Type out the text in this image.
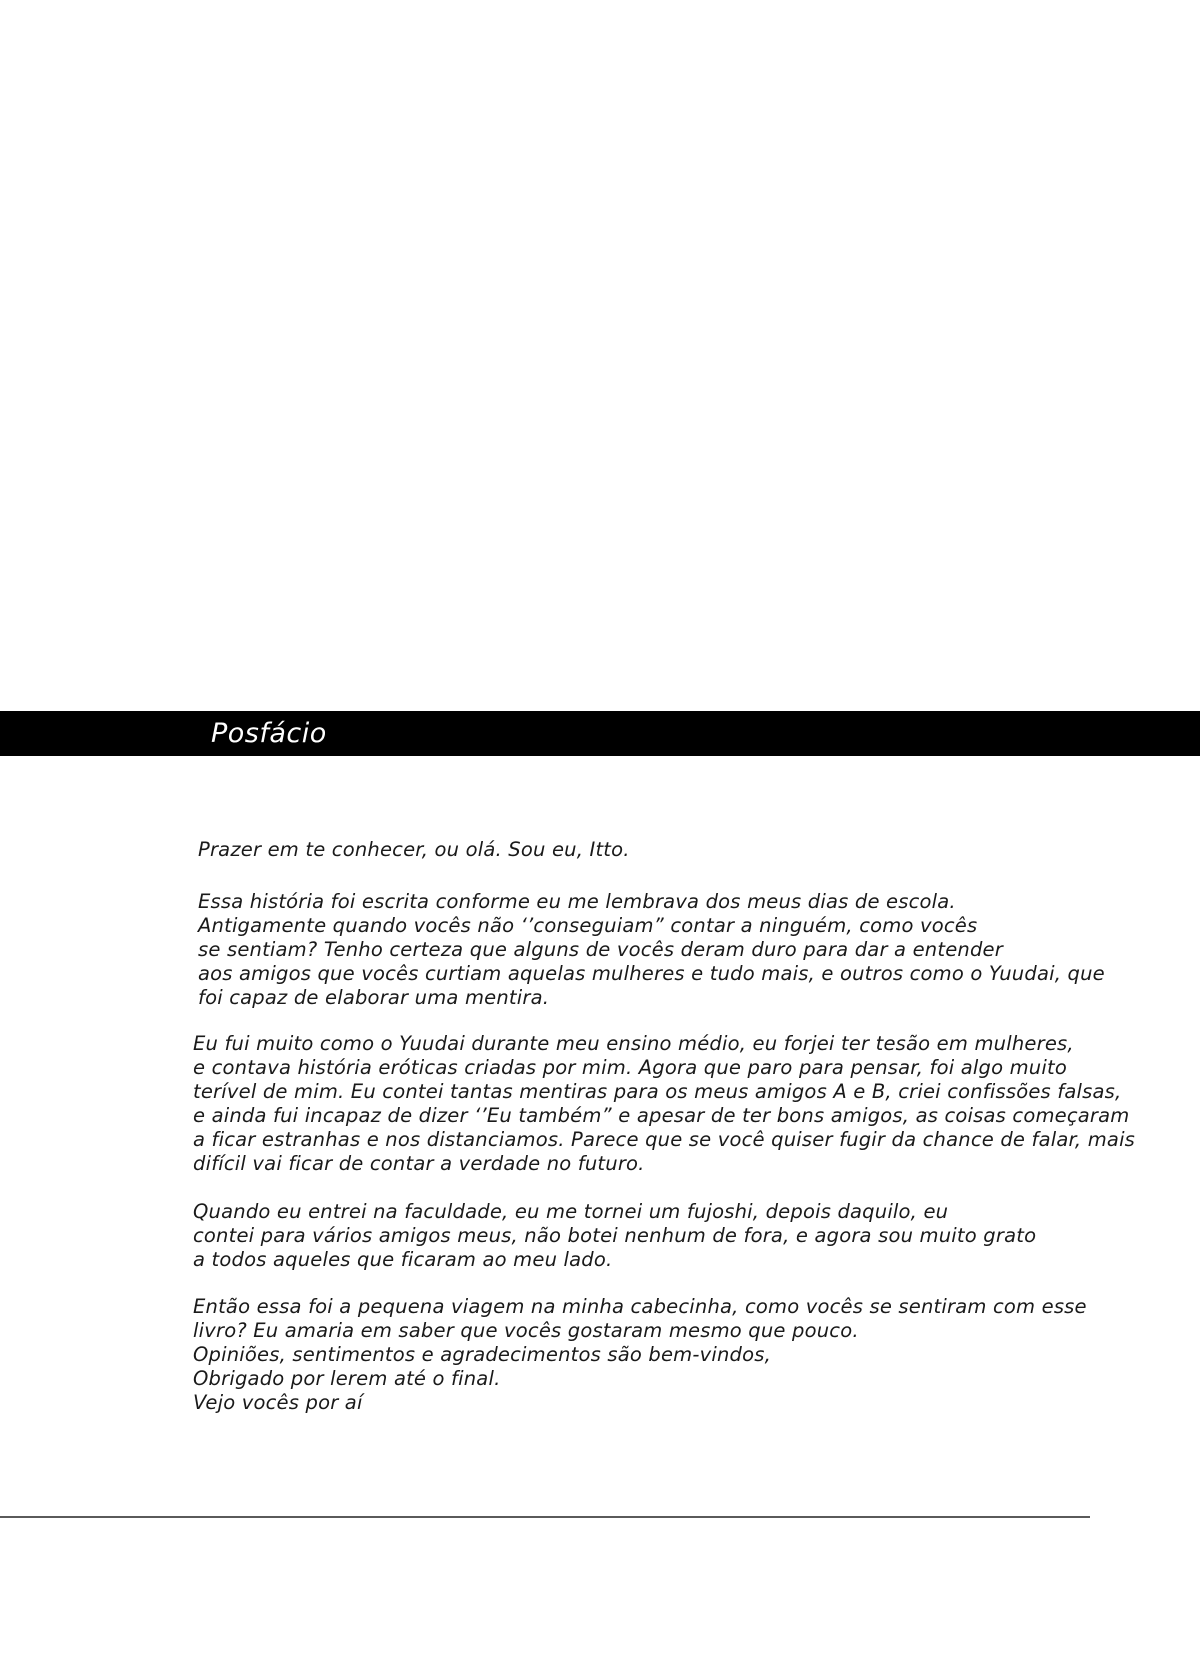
Posfácio
Prazer em te conhecer, ou olá. Sou eu, Itto.
Essa história foi escrita conforme eu me lembrava dos meus dias de escola.
Antigamente quando vocês não ‘’conseguiam” contar a ninguém, como vocês
se sentiam? Tenho certeza que alguns de vocês deram duro para dar a entender
aos amigos que vocês curtiam aquelas mulheres e tudo mais, e outros como o Yuudai, que
foi capaz de elaborar uma mentira.
Eu fui muito como o Yuudai durante meu ensino médio, eu forjei ter tesão em mulheres,
e contava história eróticas criadas por mim. Agora que paro para pensar, foi algo muito
terível de mim. Eu contei tantas mentiras para os meus amigos A e B, criei confissões falsas,
e ainda fui incapaz de dizer ‘’Eu também” e apesar de ter bons amigos, as coisas começaram
a ficar estranhas e nos distanciamos. Parece que se você quiser fugir da chance de falar, mais
difícil vai ficar de contar a verdade no futuro.
Quando eu entrei na faculdade, eu me tornei um fujoshi, depois daquilo, eu
contei para vários amigos meus, não botei nenhum de fora, e agora sou muito grato
a todos aqueles que ficaram ao meu lado.
Então essa foi a pequena viagem na minha cabecinha, como vocês se sentiram com esse
livro? Eu amaria em saber que vocês gostaram mesmo que pouco.
Opiniões, sentimentos e agradecimentos são bem-vindos,
Obrigado por lerem até o final.
Vejo vocês por aí
